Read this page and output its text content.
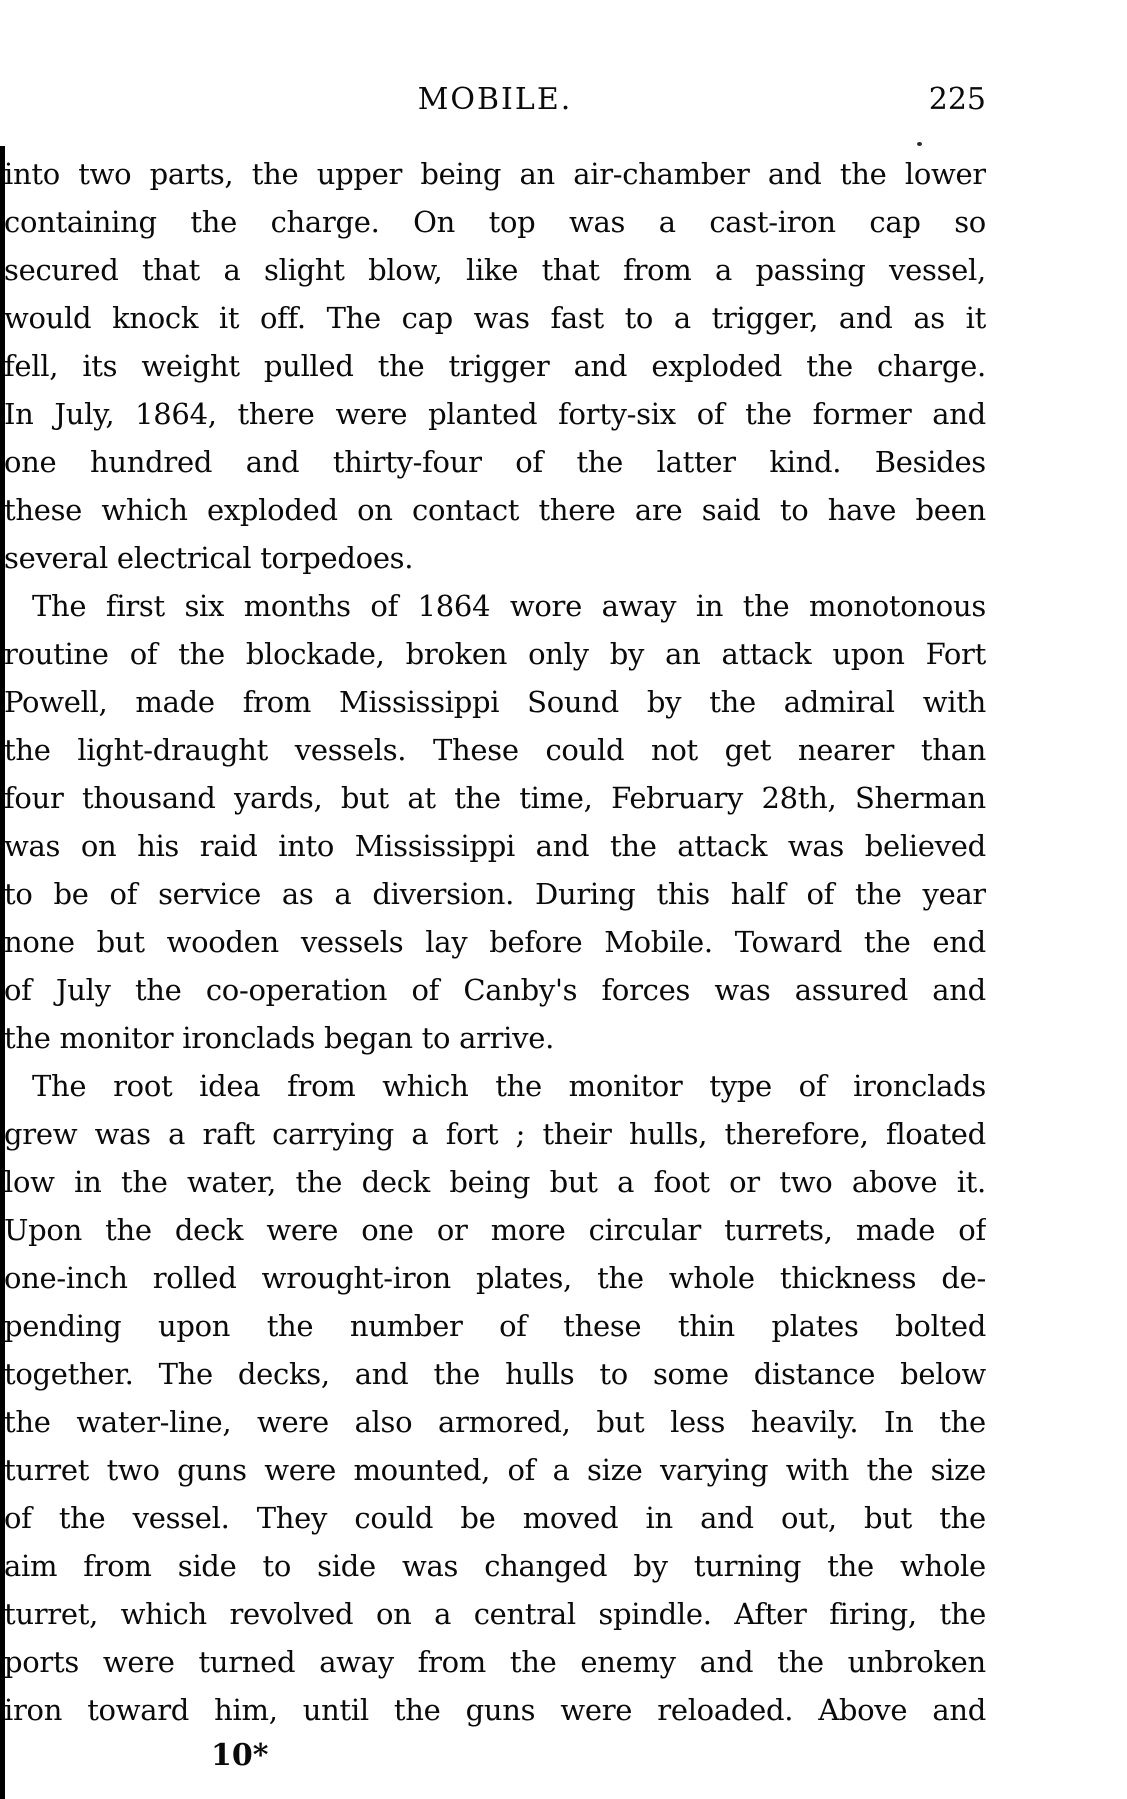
MOBILE.	225
into two parts, the upper being an air-chamber and the lower
containing the charge. On top was a cast-iron cap so
secured that a slight blow, like that from a passing vessel,
would knock it off. The cap was fast to a trigger, and as it
fell, its weight pulled the trigger and exploded the charge.
In July, 1864, there were planted forty-six of the former and
one hundred and thirty-four of the latter kind. Besides
these which exploded on contact there are said to have been
several electrical torpedoes.
The first six months of 1864 wore away in the monotonous
routine of the blockade, broken only by an attack upon Fort
Powell, made from Mississippi Sound by the admiral with
the light-draught vessels. These could not get nearer than
four thousand yards, but at the time, February 28th, Sherman
was on his raid into Mississippi and the attack was believed
to be of service as a diversion. During this half of the year
none but wooden vessels lay before Mobile. Toward the end
of July the co-operation of Canby's forces was assured and
the monitor ironclads began to arrive.
The root idea from which the monitor type of ironclads
grew was a raft carrying a fort ; their hulls, therefore, floated
low in the water, the deck being but a foot or two above it.
Upon the deck were one or more circular turrets, made of
one-inch rolled wrought-iron plates, the whole thickness de-
pending upon the number of these thin plates bolted
together. The decks, and the hulls to some distance below
the water-line, were also armored, but less heavily. In the
turret two guns were mounted, of a size varying with the size
of the vessel. They could be moved in and out, but the
aim from side to side was changed by turning the whole
turret, which revolved on a central spindle. After firing, the
ports were turned away from the enemy and the unbroken
iron toward him, until the guns were reloaded. Above and
10*
